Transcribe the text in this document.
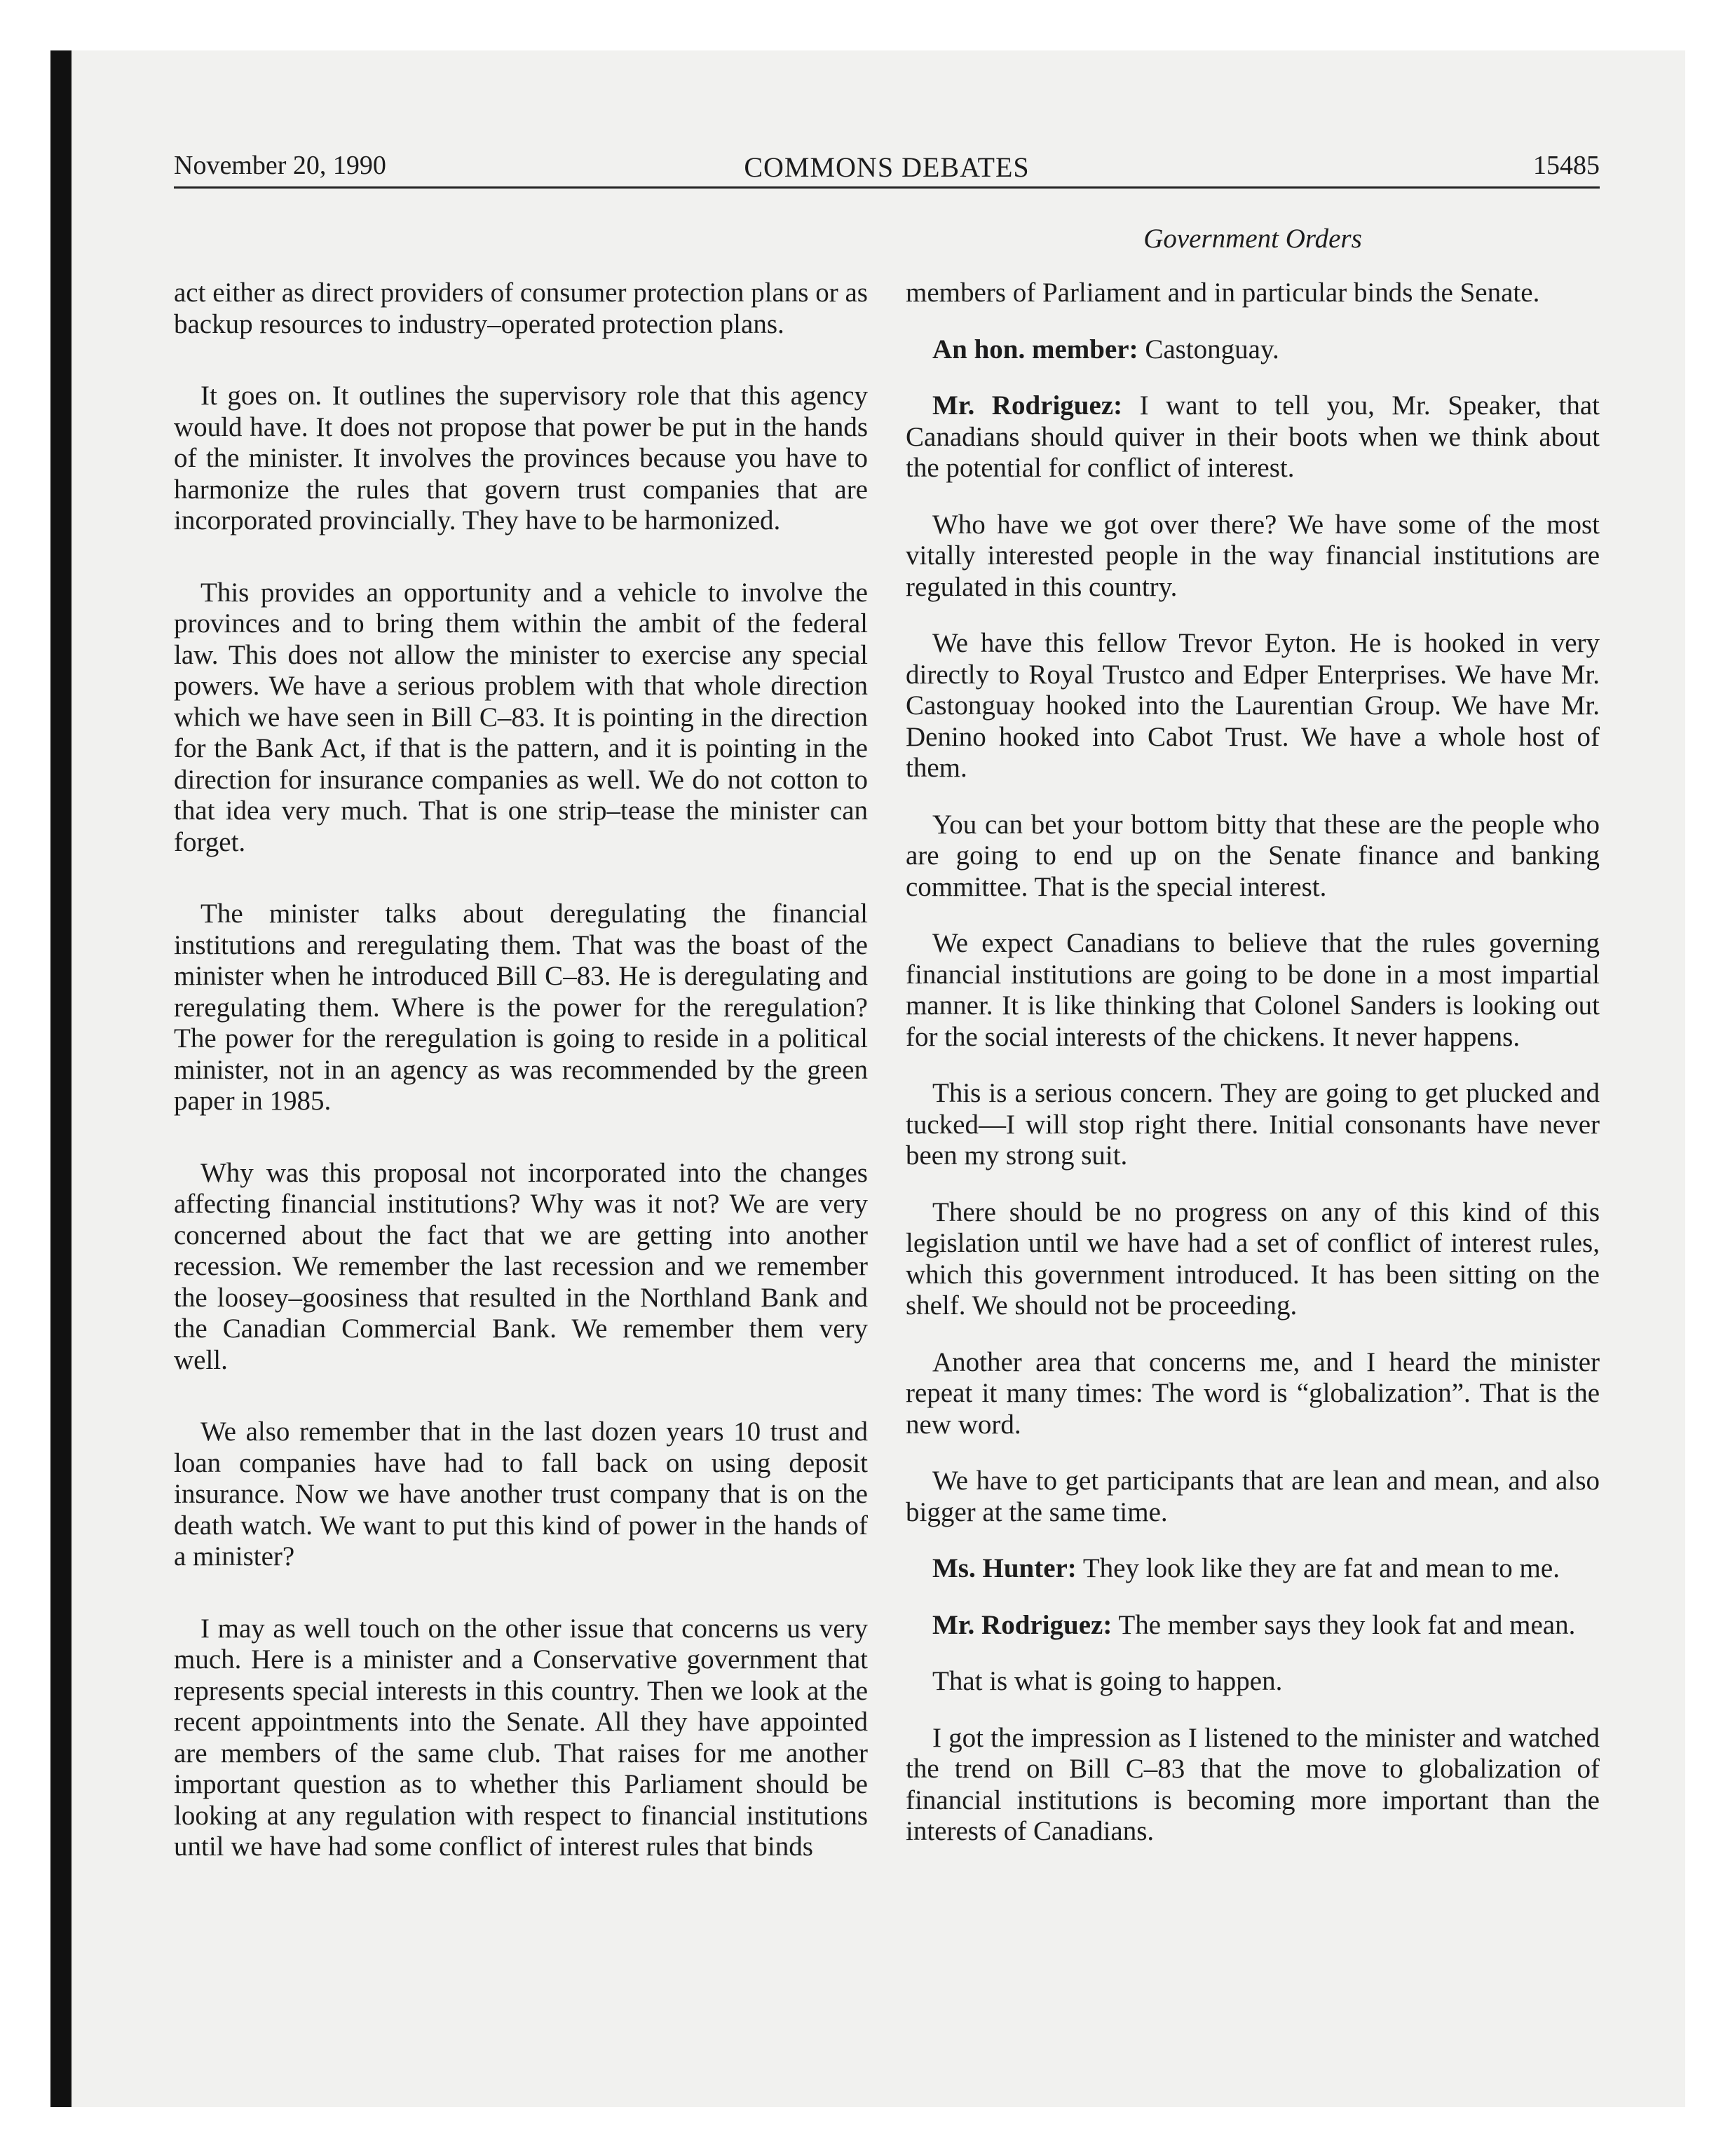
November 20, 1990	COMMONS DEBATES	15485
Government Orders

act either as direct providers of consumer protection plans or as backup resources to industry–operated protection plans.

It goes on. It outlines the supervisory role that this agency would have. It does not propose that power be put in the hands of the minister. It involves the provinces because you have to harmonize the rules that govern trust companies that are incorporated provincially. They have to be harmonized.

This provides an opportunity and a vehicle to involve the provinces and to bring them within the ambit of the federal law. This does not allow the minister to exercise any special powers. We have a serious problem with that whole direction which we have seen in Bill C–83. It is pointing in the direction for the Bank Act, if that is the pattern, and it is pointing in the direction for insurance companies as well. We do not cotton to that idea very much. That is one strip–tease the minister can forget.

The minister talks about deregulating the financial institutions and reregulating them. That was the boast of the minister when he introduced Bill C–83. He is deregulating and reregulating them. Where is the power for the reregulation? The power for the reregulation is going to reside in a political minister, not in an agency as was recommended by the green paper in 1985.

Why was this proposal not incorporated into the changes affecting financial institutions? Why was it not? We are very concerned about the fact that we are getting into another recession. We remember the last recession and we remember the loosey–goosiness that resulted in the Northland Bank and the Canadian Commercial Bank. We remember them very well.

We also remember that in the last dozen years 10 trust and loan companies have had to fall back on using deposit insurance. Now we have another trust company that is on the death watch. We want to put this kind of power in the hands of a minister?

I may as well touch on the other issue that concerns us very much. Here is a minister and a Conservative government that represents special interests in this country. Then we look at the recent appointments into the Senate. All they have appointed are members of the same club. That raises for me another important question as to whether this Parliament should be looking at any regulation with respect to financial institutions until we have had some conflict of interest rules that binds

members of Parliament and in particular binds the Senate.

An hon. member: Castonguay.

Mr. Rodriguez: I want to tell you, Mr. Speaker, that Canadians should quiver in their boots when we think about the potential for conflict of interest.

Who have we got over there? We have some of the most vitally interested people in the way financial institutions are regulated in this country.

We have this fellow Trevor Eyton. He is hooked in very directly to Royal Trustco and Edper Enterprises. We have Mr. Castonguay hooked into the Laurentian Group. We have Mr. Denino hooked into Cabot Trust. We have a whole host of them.

You can bet your bottom bitty that these are the people who are going to end up on the Senate finance and banking committee. That is the special interest.

We expect Canadians to believe that the rules governing financial institutions are going to be done in a most impartial manner. It is like thinking that Colonel Sanders is looking out for the social interests of the chickens. It never happens.

This is a serious concern. They are going to get plucked and tucked—I will stop right there. Initial consonants have never been my strong suit.

There should be no progress on any of this kind of this legislation until we have had a set of conflict of interest rules, which this government introduced. It has been sitting on the shelf. We should not be proceeding.

Another area that concerns me, and I heard the minister repeat it many times: The word is “globalization”. That is the new word.

We have to get participants that are lean and mean, and also bigger at the same time.

Ms. Hunter: They look like they are fat and mean to me.

Mr. Rodriguez: The member says they look fat and mean.

That is what is going to happen.

I got the impression as I listened to the minister and watched the trend on Bill C–83 that the move to globalization of financial institutions is becoming more important than the interests of Canadians.
